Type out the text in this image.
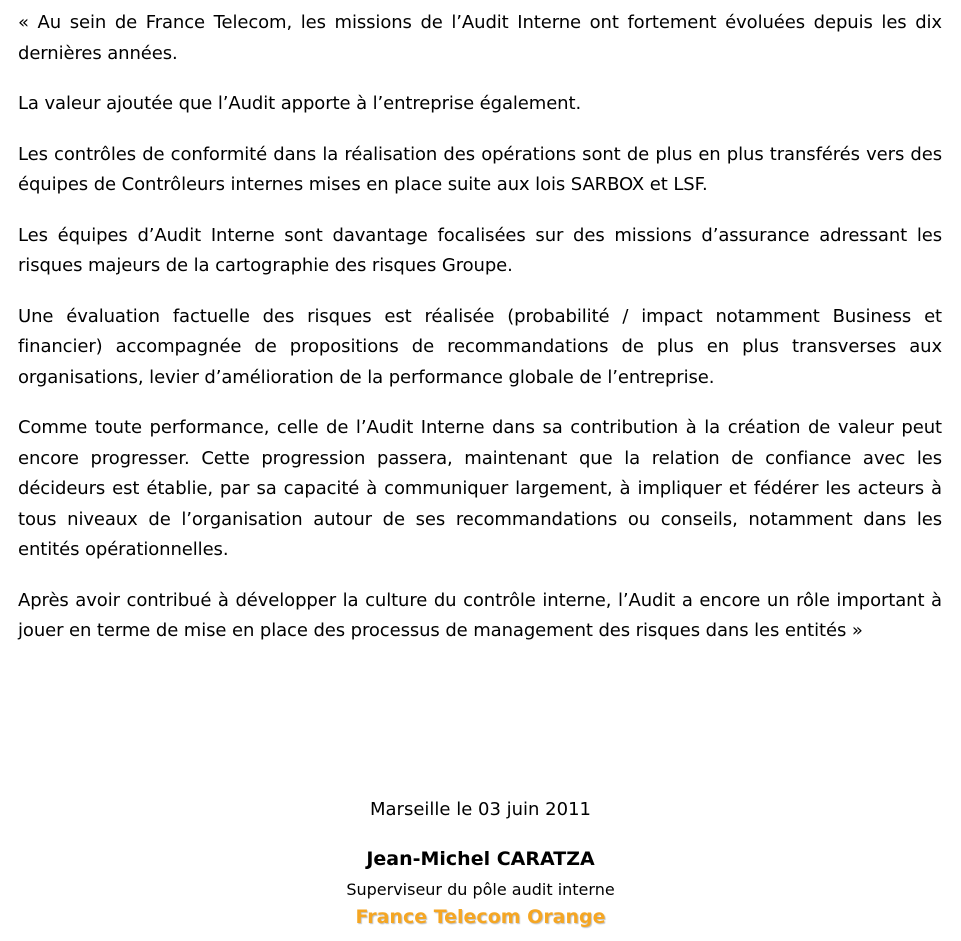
« Au sein de France Telecom, les missions de l’Audit Interne ont fortement évoluées depuis les dix dernières années.

La valeur ajoutée que l’Audit apporte à l’entreprise également.

Les contrôles de conformité dans la réalisation des opérations sont de plus en plus transférés vers des équipes de Contrôleurs internes mises en place suite aux lois SARBOX et LSF.

Les équipes d’Audit Interne sont davantage focalisées sur des missions d’assurance adressant les risques majeurs de la cartographie des risques Groupe.

Une évaluation factuelle des risques est réalisée (probabilité / impact notamment Business et financier) accompagnée de propositions de recommandations de plus en plus transverses aux organisations, levier d’amélioration de la performance globale de l’entreprise.

Comme toute performance, celle de l’Audit Interne dans sa contribution à la création de valeur peut encore progresser. Cette progression passera, maintenant que la relation de confiance avec les décideurs est établie, par sa capacité à communiquer largement, à impliquer et fédérer les acteurs à tous niveaux de l’organisation autour de ses recommandations ou conseils, notamment dans les entités opérationnelles.

Après avoir contribué à développer la culture du contrôle interne, l’Audit a encore un rôle important à jouer en terme de mise en place des processus de management des risques dans les entités »

Marseille le 03 juin 2011
Jean-Michel CARATZA
Superviseur du pôle audit interne
France Telecom Orange
